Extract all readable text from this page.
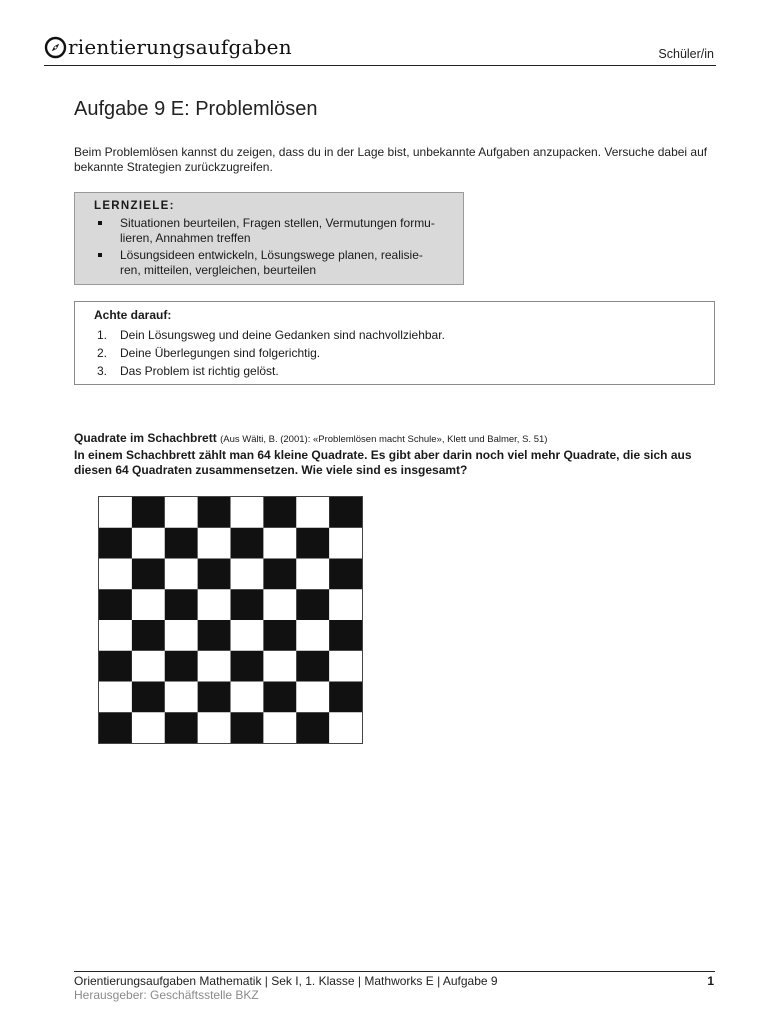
rientierungsaufgaben	Schüler/in
Aufgabe 9 E: Problemlösen
Beim Problemlösen kannst du zeigen, dass du in der Lage bist, unbekannte Aufgaben anzupacken. Versuche dabei auf bekannte Strategien zurückzugreifen.
LERNZIELE:
Situationen beurteilen, Fragen stellen, Vermutungen formu-
lieren, Annahmen treffen
Lösungsideen entwickeln, Lösungswege planen, realisie-
ren, mitteilen, vergleichen, beurteilen
Achte darauf:
1. Dein Lösungsweg und deine Gedanken sind nachvollziehbar.
2. Deine Überlegungen sind folgerichtig.
3. Das Problem ist richtig gelöst.
Quadrate im Schachbrett (Aus Wälti, B. (2001): «Problemlösen macht Schule», Klett und Balmer, S. 51)
In einem Schachbrett zählt man 64 kleine Quadrate. Es gibt aber darin noch viel mehr Quadrate, die sich aus diesen 64 Quadraten zusammensetzen. Wie viele sind es insgesamt?
Orientierungsaufgaben Mathematik | Sek I, 1. Klasse | Mathworks E | Aufgabe 9
Herausgeber: Geschäftsstelle BKZ
1
